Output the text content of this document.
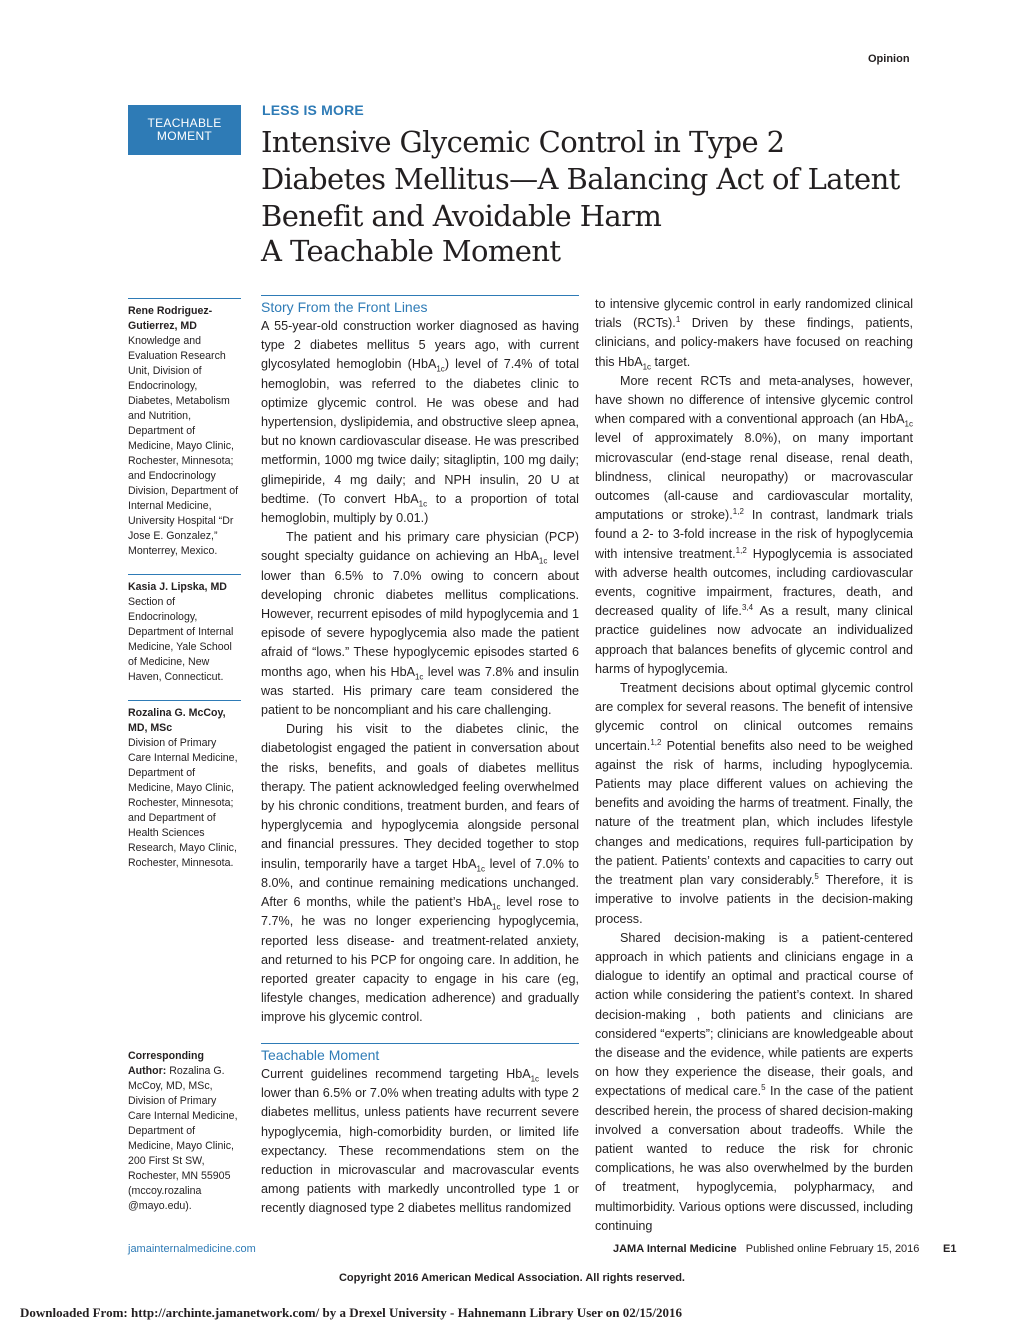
Opinion
TEACHABLE
MOMENT
LESS IS MORE
Intensive Glycemic Control in Type 2 Diabetes Mellitus—A Balancing Act of Latent Benefit and Avoidable Harm
A Teachable Moment
Rene Rodriguez-Gutierrez, MD
Knowledge and Evaluation Research Unit, Division of Endocrinology, Diabetes, Metabolism and Nutrition, Department of Medicine, Mayo Clinic, Rochester, Minnesota; and Endocrinology Division, Department of Internal Medicine, University Hospital “Dr Jose E. Gonzalez,” Monterrey, Mexico.
Kasia J. Lipska, MD
Section of Endocrinology, Department of Internal Medicine, Yale School of Medicine, New Haven, Connecticut.
Rozalina G. McCoy, MD, MSc
Division of Primary Care Internal Medicine, Department of Medicine, Mayo Clinic, Rochester, Minnesota; and Department of Health Sciences Research, Mayo Clinic, Rochester, Minnesota.
Corresponding Author: Rozalina G. McCoy, MD, MSc, Division of Primary Care Internal Medicine, Department of Medicine, Mayo Clinic, 200 First St SW, Rochester, MN 55905 (mccoy.rozalina @mayo.edu).
Story From the Front Lines

A 55-year-old construction worker diagnosed as having type 2 diabetes mellitus 5 years ago, with current glycosylated hemoglobin (HbA$_{1c}$) level of 7.4% of total hemoglobin, was referred to the diabetes clinic to optimize glycemic control. He was obese and had hypertension, dyslipidemia, and obstructive sleep apnea, but no known cardiovascular disease. He was prescribed metformin, 1000 mg twice daily; sitagliptin, 100 mg daily; glimepiride, 4 mg daily; and NPH insulin, 20 U at bedtime. (To convert HbA$_{1c}$ to a proportion of total hemoglobin, multiply by 0.01.)

The patient and his primary care physician (PCP) sought specialty guidance on achieving an HbA$_{1c}$ level lower than 6.5% to 7.0% owing to concern about developing chronic diabetes mellitus complications. However, recurrent episodes of mild hypoglycemia and 1 episode of severe hypoglycemia also made the patient afraid of “lows.” These hypoglycemic episodes started 6 months ago, when his HbA$_{1c}$ level was 7.8% and insulin was started. His primary care team considered the patient to be noncompliant and his care challenging.

During his visit to the diabetes clinic, the diabetologist engaged the patient in conversation about the risks, benefits, and goals of diabetes mellitus therapy. The patient acknowledged feeling overwhelmed by his chronic conditions, treatment burden, and fears of hyperglycemia and hypoglycemia alongside personal and financial pressures. They decided together to stop insulin, temporarily have a target HbA$_{1c}$ level of 7.0% to 8.0%, and continue remaining medications unchanged. After 6 months, while the patient’s HbA$_{1c}$ level rose to 7.7%, he was no longer experiencing hypoglycemia, reported less disease- and treatment-related anxiety, and returned to his PCP for ongoing care. In addition, he reported greater capacity to engage in his care (eg, lifestyle changes, medication adherence) and gradually improve his glycemic control.

Teachable Moment

Current guidelines recommend targeting HbA$_{1c}$ levels lower than 6.5% or 7.0% when treating adults with type 2 diabetes mellitus, unless patients have recurrent severe hypoglycemia, high-comorbidity burden, or limited life expectancy. These recommendations stem on the reduction in microvascular and macrovascular events among patients with markedly uncontrolled type 1 or recently diagnosed type 2 diabetes mellitus randomized

to intensive glycemic control in early randomized clinical trials (RCTs).$^1$ Driven by these findings, patients, clinicians, and policy-makers have focused on reaching this HbA$_{1c}$ target.

More recent RCTs and meta-analyses, however, have shown no difference of intensive glycemic control when compared with a conventional approach (an HbA$_{1c}$ level of approximately 8.0%), on many important microvascular (end-stage renal disease, renal death, blindness, clinical neuropathy) or macrovascular outcomes (all-cause and cardiovascular mortality, amputations or stroke).$^{1,2}$ In contrast, landmark trials found a 2- to 3-fold increase in the risk of hypoglycemia with intensive treatment.$^{1,2}$ Hypoglycemia is associated with adverse health outcomes, including cardiovascular events, cognitive impairment, fractures, death, and decreased quality of life.$^{3,4}$ As a result, many clinical practice guidelines now advocate an individualized approach that balances benefits of glycemic control and harms of hypoglycemia.

Treatment decisions about optimal glycemic control are complex for several reasons. The benefit of intensive glycemic control on clinical outcomes remains uncertain.$^{1,2}$ Potential benefits also need to be weighed against the risk of harms, including hypoglycemia. Patients may place different values on achieving the benefits and avoiding the harms of treatment. Finally, the nature of the treatment plan, which includes lifestyle changes and medications, requires full-participation by the patient. Patients’ contexts and capacities to carry out the treatment plan vary considerably.$^5$ Therefore, it is imperative to involve patients in the decision-making process.

Shared decision-making is a patient-centered approach in which patients and clinicians engage in a dialogue to identify an optimal and practical course of action while considering the patient’s context. In shared decision-making , both patients and clinicians are considered “experts”; clinicians are knowledgeable about the disease and the evidence, while patients are experts on how they experience the disease, their goals, and expectations of medical care.$^5$ In the case of the patient described herein, the process of shared decision-making involved a conversation about tradeoffs. While the patient wanted to reduce the risk for chronic complications, he was also overwhelmed by the burden of treatment, hypoglycemia, polypharmacy, and multimorbidity. Various options were discussed, including continuing

jamainternalmedicine.com	JAMA Internal Medicine Published online February 15, 2016 E1
Copyright 2016 American Medical Association. All rights reserved.
Downloaded From: http://archinte.jamanetwork.com/ by a Drexel University - Hahnemann Library User on 02/15/2016
